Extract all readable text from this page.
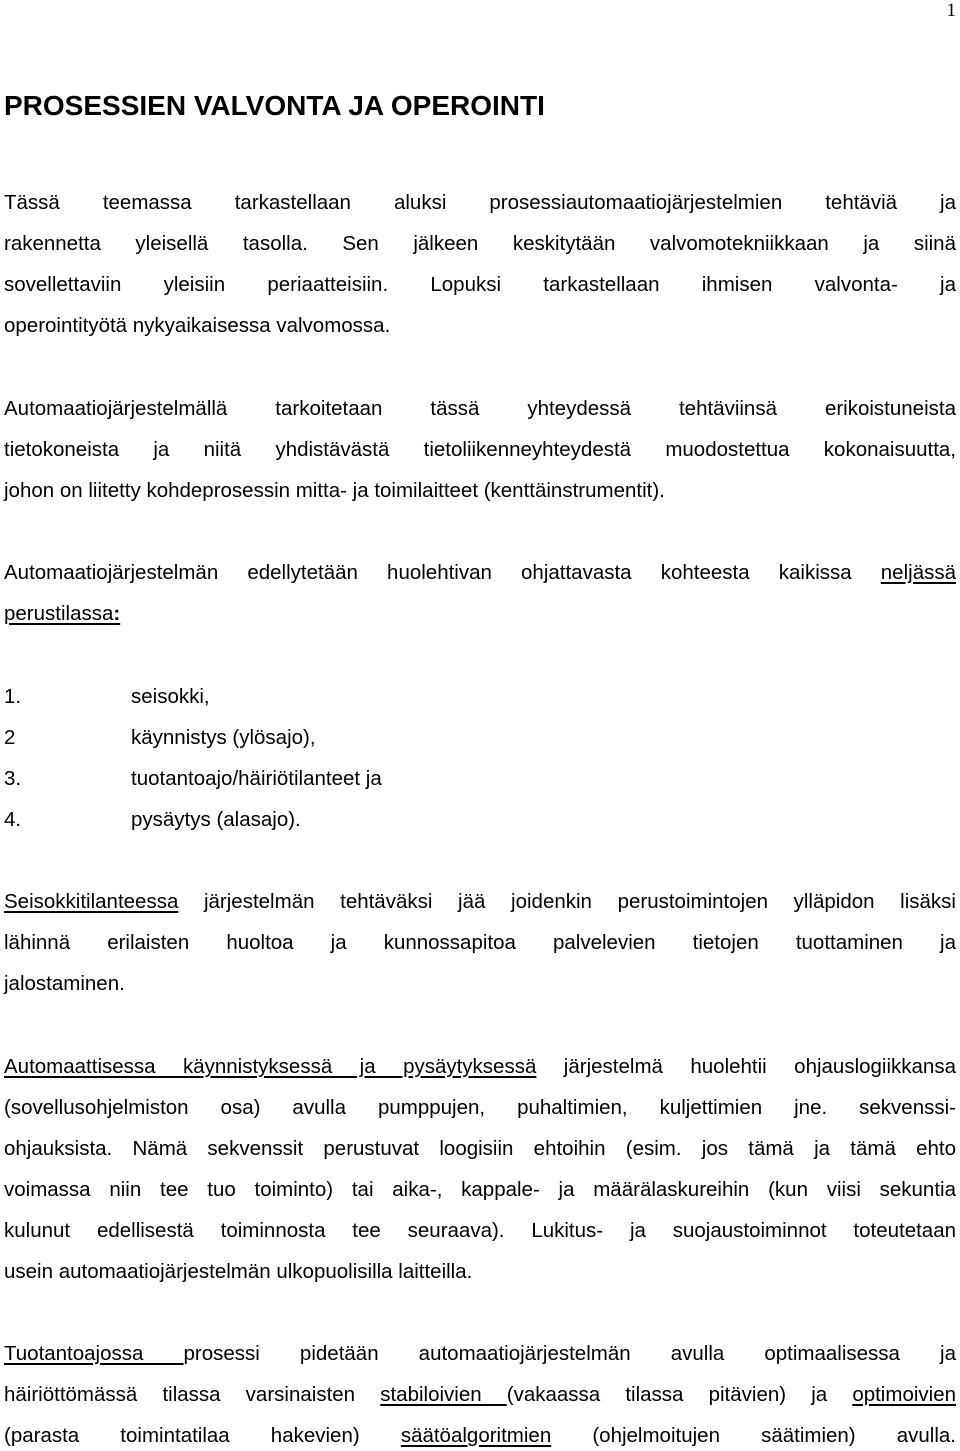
1
PROSESSIEN VALVONTA JA OPEROINTI
Tässä teemassa tarkastellaan aluksi prosessiautomaatiojärjestelmien tehtäviä ja
rakennetta yleisellä tasolla. Sen jälkeen keskitytään valvomotekniikkaan ja siinä
sovellettaviin yleisiin periaatteisiin. Lopuksi tarkastellaan ihmisen valvonta- ja
operointityötä nykyaikaisessa valvomossa.
Automaatiojärjestelmällä tarkoitetaan tässä yhteydessä tehtäviinsä erikoistuneista
tietokoneista ja niitä yhdistävästä tietoliikenneyhteydestä muodostettua kokonaisuutta,
johon on liitetty kohdeprosessin mitta- ja toimilaitteet (kenttäinstrumentit).
Automaatiojärjestelmän edellytetään huolehtivan ohjattavasta kohteesta kaikissa neljässä
perustilassa:
1.	seisokki,
2	käynnistys (ylösajo),
3.	tuotantoajo/häiriötilanteet ja
4.	pysäytys (alasajo).
Seisokkitilanteessa järjestelmän tehtäväksi jää joidenkin perustoimintojen ylläpidon lisäksi
lähinnä erilaisten huoltoa ja kunnossapitoa palvelevien tietojen tuottaminen ja
jalostaminen.
Automaattisessa käynnistyksessä ja pysäytyksessä järjestelmä huolehtii ohjauslogiikkansa
(sovellusohjelmiston osa) avulla pumppujen, puhaltimien, kuljettimien jne. sekvenssi-
ohjauksista. Nämä sekvenssit perustuvat loogisiin ehtoihin (esim. jos tämä ja tämä ehto
voimassa niin tee tuo toiminto) tai aika-, kappale- ja määrälaskureihin (kun viisi sekuntia
kulunut edellisestä toiminnosta tee seuraava). Lukitus- ja suojaustoiminnot toteutetaan
usein automaatiojärjestelmän ulkopuolisilla laitteilla.
Tuotantoajossa prosessi pidetään automaatiojärjestelmän avulla optimaalisessa ja
häiriöttömässä tilassa varsinaisten stabiloivien (vakaassa tilassa pitävien) ja optimoivien
(parasta toimintatilaa hakevien) säätöalgoritmien (ohjelmoitujen säätimien) avulla.
